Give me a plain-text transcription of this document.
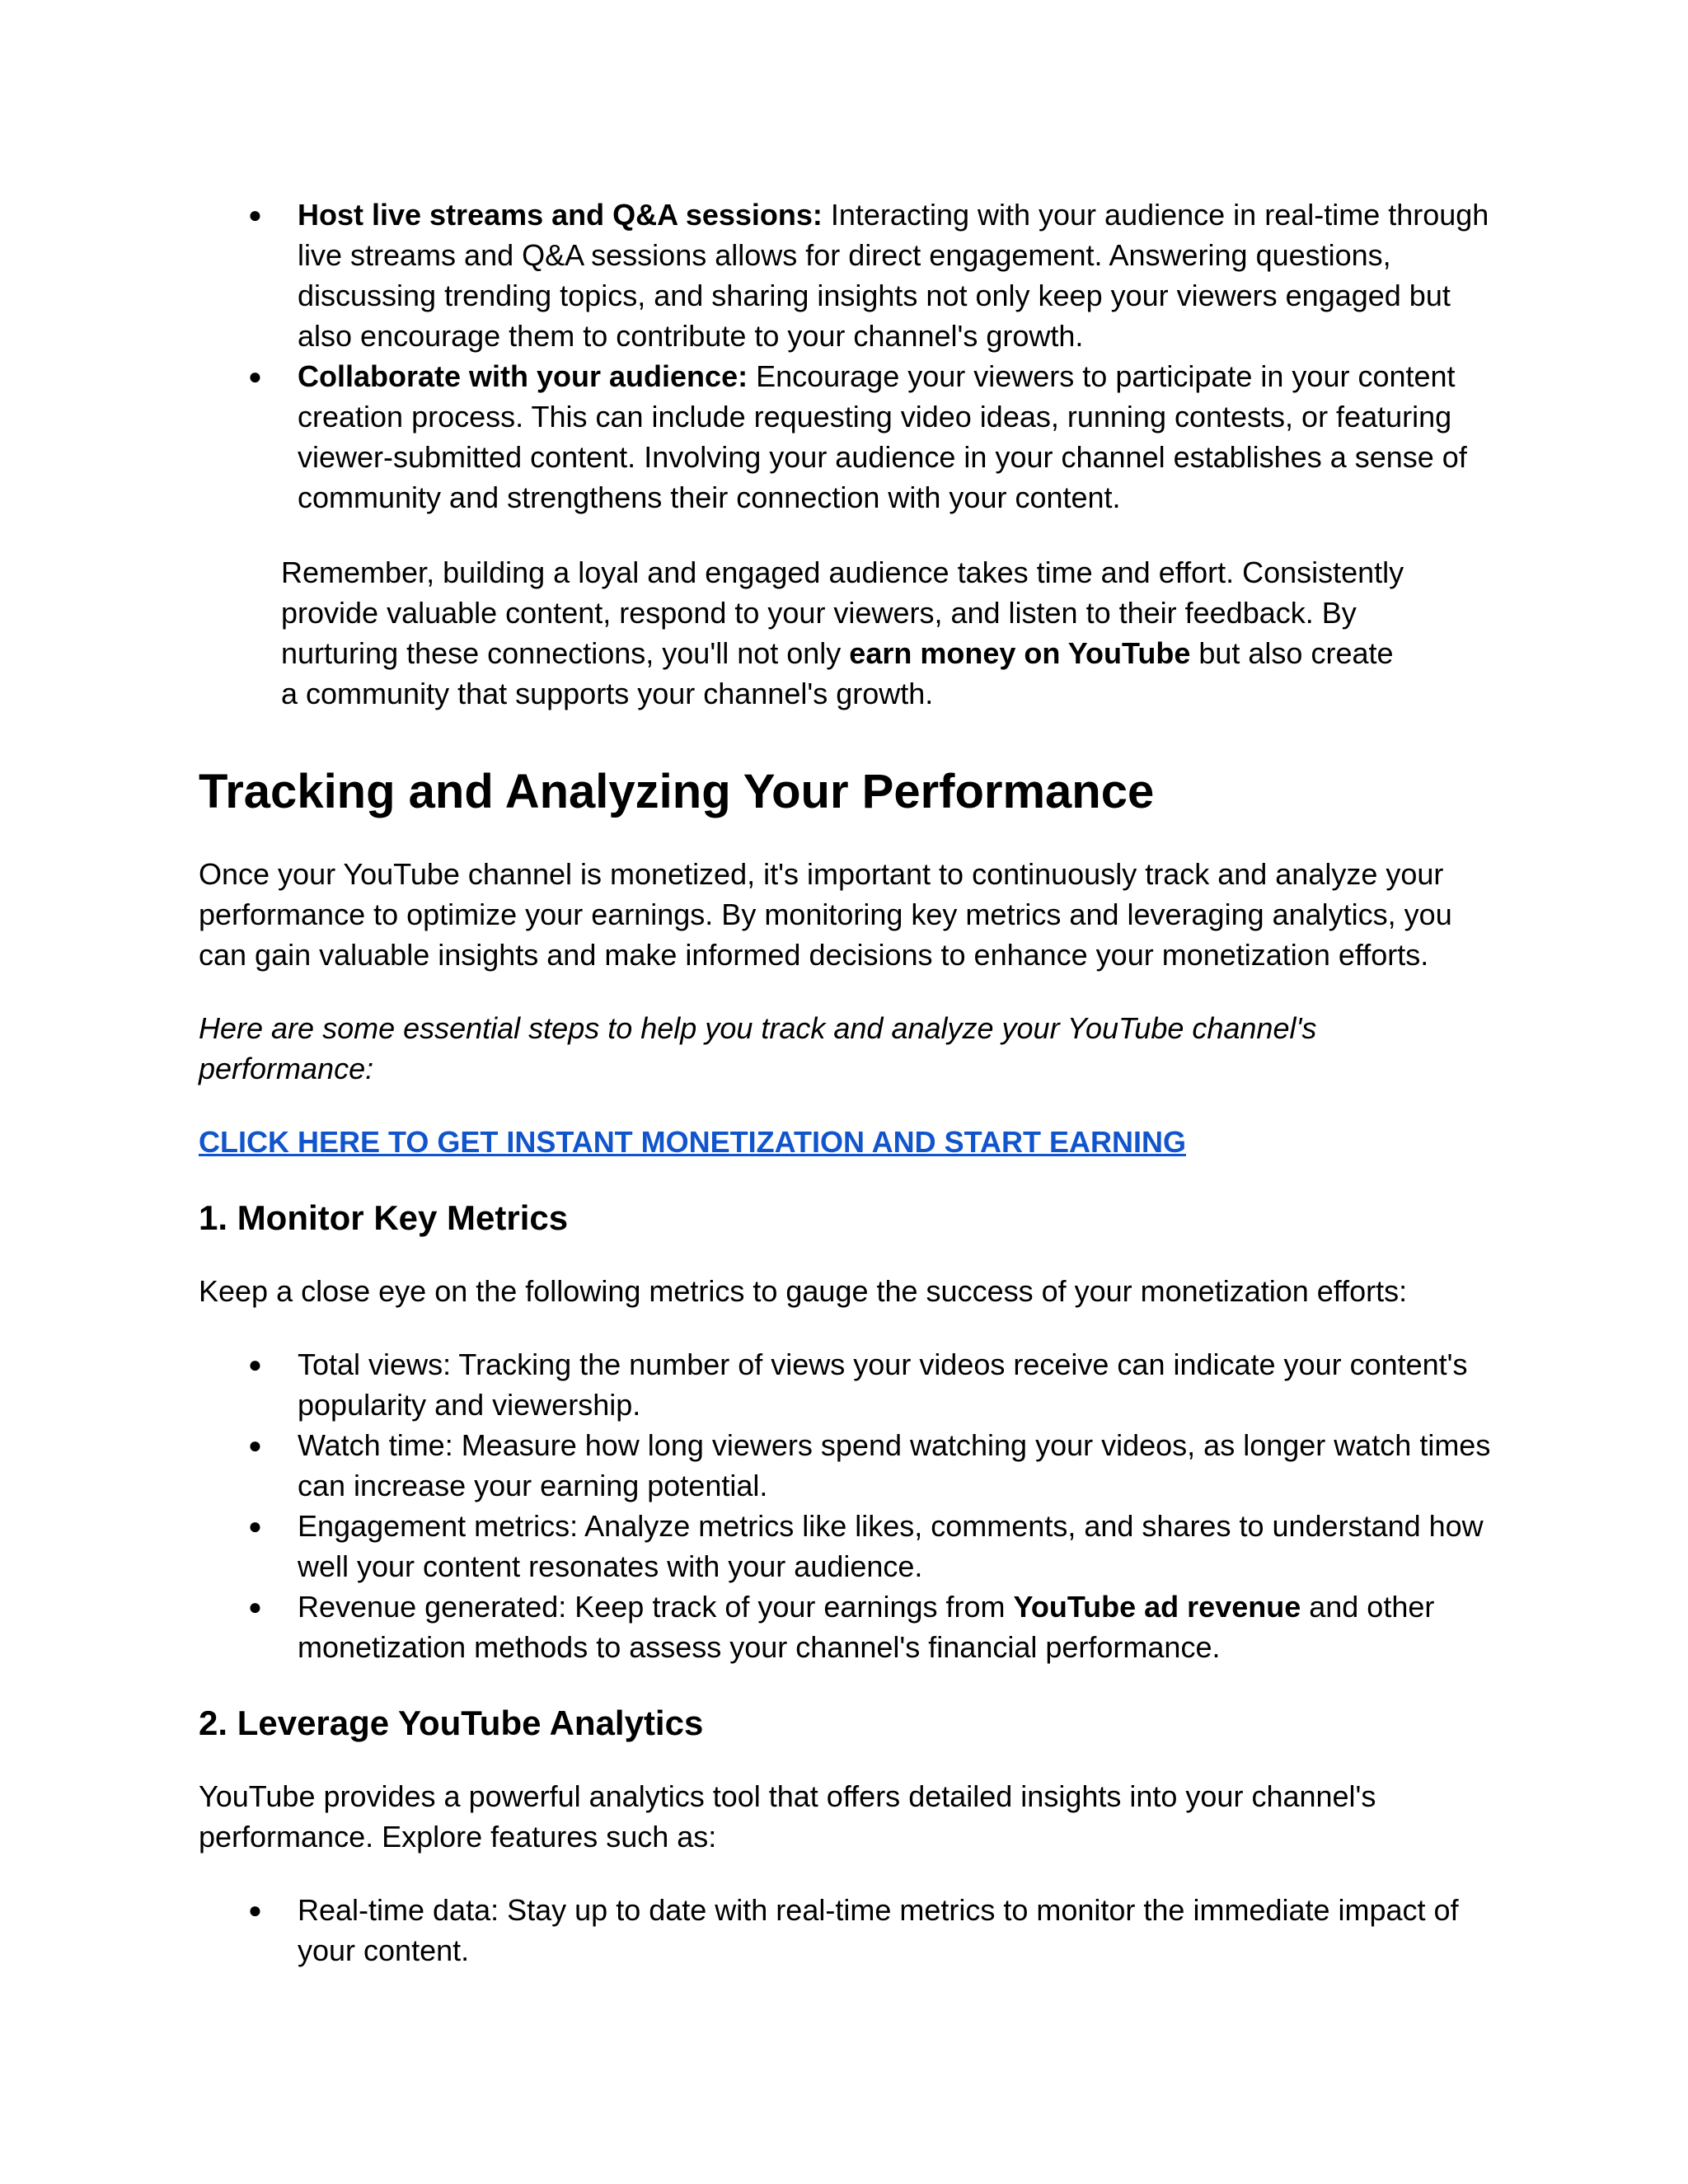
●	Host live streams and Q&A sessions: Interacting with your audience in real-time through live streams and Q&A sessions allows for direct engagement. Answering questions, discussing trending topics, and sharing insights not only keep your viewers engaged but also encourage them to contribute to your channel's growth.
●	Collaborate with your audience: Encourage your viewers to participate in your content creation process. This can include requesting video ideas, running contests, or featuring viewer-submitted content. Involving your audience in your channel establishes a sense of community and strengthens their connection with your content.

Remember, building a loyal and engaged audience takes time and effort. Consistently provide valuable content, respond to your viewers, and listen to their feedback. By nurturing these connections, you'll not only earn money on YouTube but also create a community that supports your channel's growth.

Tracking and Analyzing Your Performance

Once your YouTube channel is monetized, it's important to continuously track and analyze your performance to optimize your earnings. By monitoring key metrics and leveraging analytics, you can gain valuable insights and make informed decisions to enhance your monetization efforts.

Here are some essential steps to help you track and analyze your YouTube channel's performance:

CLICK HERE TO GET INSTANT MONETIZATION AND START EARNING

1. Monitor Key Metrics

Keep a close eye on the following metrics to gauge the success of your monetization efforts:

●	Total views: Tracking the number of views your videos receive can indicate your content's popularity and viewership.
●	Watch time: Measure how long viewers spend watching your videos, as longer watch times can increase your earning potential.
●	Engagement metrics: Analyze metrics like likes, comments, and shares to understand how well your content resonates with your audience.
●	Revenue generated: Keep track of your earnings from YouTube ad revenue and other monetization methods to assess your channel's financial performance.
2. Leverage YouTube Analytics

YouTube provides a powerful analytics tool that offers detailed insights into your channel's performance. Explore features such as:

●	Real-time data: Stay up to date with real-time metrics to monitor the immediate impact of your content.
